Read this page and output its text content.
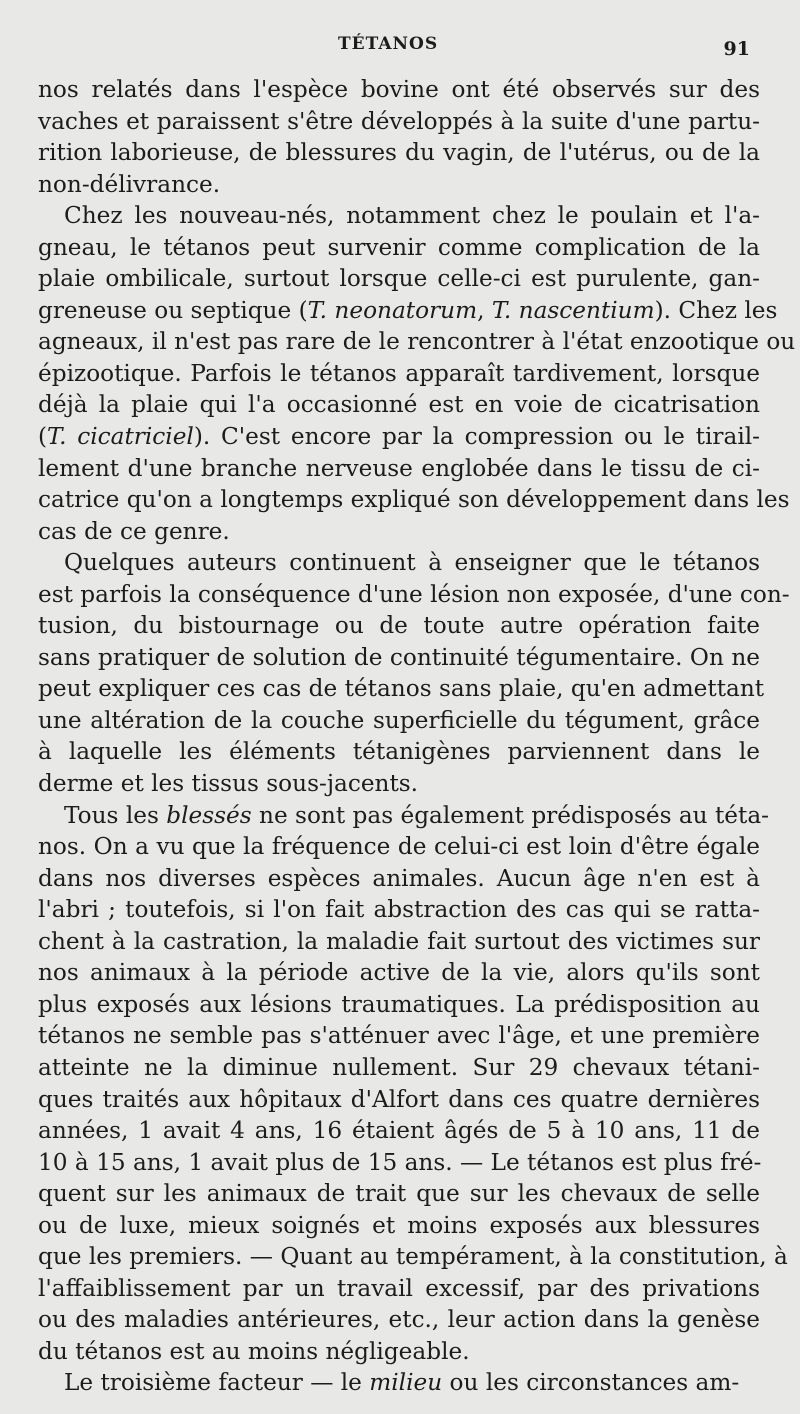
TÉTANOS	91

nos relatés dans l'espèce bovine ont été observés sur des
vaches et paraissent s'être développés à la suite d'une partu-
rition laborieuse, de blessures du vagin, de l'utérus, ou de la
non-délivrance.

Chez les nouveau-nés, notamment chez le poulain et l'a-
gneau, le tétanos peut survenir comme complication de la
plaie ombilicale, surtout lorsque celle-ci est purulente, gan-
greneuse ou septique (T. neonatorum, T. nascentium). Chez les
agneaux, il n'est pas rare de le rencontrer à l'état enzootique ou
épizootique. Parfois le tétanos apparaît tardivement, lorsque
déjà la plaie qui l'a occasionné est en voie de cicatrisation
(T. cicatriciel). C'est encore par la compression ou le tirail-
lement d'une branche nerveuse englobée dans le tissu de ci-
catrice qu'on a longtemps expliqué son développement dans les
cas de ce genre.

Quelques auteurs continuent à enseigner que le tétanos
est parfois la conséquence d'une lésion non exposée, d'une con-
tusion, du bistournage ou de toute autre opération faite
sans pratiquer de solution de continuité tégumentaire. On ne
peut expliquer ces cas de tétanos sans plaie, qu'en admettant
une altération de la couche superficielle du tégument, grâce
à laquelle les éléments tétanigènes parviennent dans le
derme et les tissus sous-jacents.

Tous les blessés ne sont pas également prédisposés au téta-
nos. On a vu que la fréquence de celui-ci est loin d'être égale
dans nos diverses espèces animales. Aucun âge n'en est à
l'abri ; toutefois, si l'on fait abstraction des cas qui se ratta-
chent à la castration, la maladie fait surtout des victimes sur
nos animaux à la période active de la vie, alors qu'ils sont
plus exposés aux lésions traumatiques. La prédisposition au
tétanos ne semble pas s'atténuer avec l'âge, et une première
atteinte ne la diminue nullement. Sur 29 chevaux tétani-
ques traités aux hôpitaux d'Alfort dans ces quatre dernières
années, 1 avait 4 ans, 16 étaient âgés de 5 à 10 ans, 11 de
10 à 15 ans, 1 avait plus de 15 ans. — Le tétanos est plus fré-
quent sur les animaux de trait que sur les chevaux de selle
ou de luxe, mieux soignés et moins exposés aux blessures
que les premiers. — Quant au tempérament, à la constitution, à
l'affaiblissement par un travail excessif, par des privations
ou des maladies antérieures, etc., leur action dans la genèse
du tétanos est au moins négligeable.

Le troisième facteur — le milieu ou les circonstances am-
